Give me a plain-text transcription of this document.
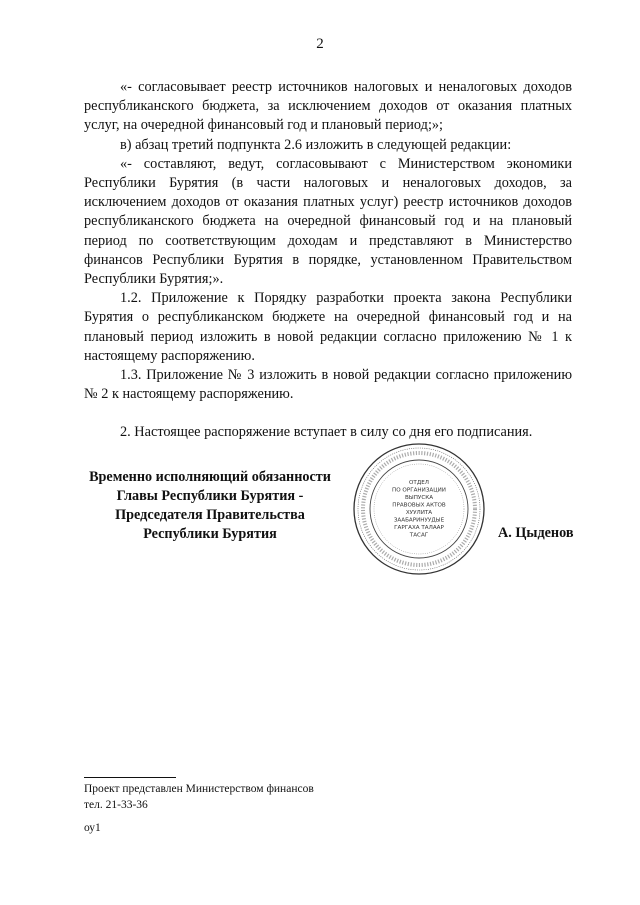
2

«- согласовывает реестр источников налоговых и неналоговых доходов республиканского бюджета, за исключением доходов от оказания платных услуг, на очередной финансовый год и плановый период;»;

в) абзац третий подпункта 2.6 изложить в следующей редакции:

«- составляют, ведут, согласовывают с Министерством экономики Республики Бурятия (в части налоговых и неналоговых доходов, за исключением доходов от оказания платных услуг) реестр источников доходов республиканского бюджета на очередной финансовый год и на плановый период по соответствующим доходам и представляют в Министерство финансов Республики Бурятия в порядке, установленном Правительством Республики Бурятия;».

1.2. Приложение к Порядку разработки проекта закона Республики Бурятия о республиканском бюджете на очередной финансовый год и на плановый период изложить в новой редакции согласно приложению № 1 к настоящему распоряжению.

1.3. Приложение № 3 изложить в новой редакции согласно приложению № 2 к настоящему распоряжению.

2. Настоящее распоряжение вступает в силу со дня его подписания.

Временно исполняющий обязанности
Главы Республики Бурятия -
Председателя Правительства
Республики Бурятия
ОТДЕЛ
ПО ОРГАНИЗАЦИИ
ВЫПУСКА
ПРАВОВЫХ АКТОВ
ХУУЛИТА
ЗААБАРИНУУДЫЕ
ГАРГАХА ТАЛААР
ТАСАГ	А. Цыденов
Проект представлен Министерством финансов
тел. 21-33-36
оу1
